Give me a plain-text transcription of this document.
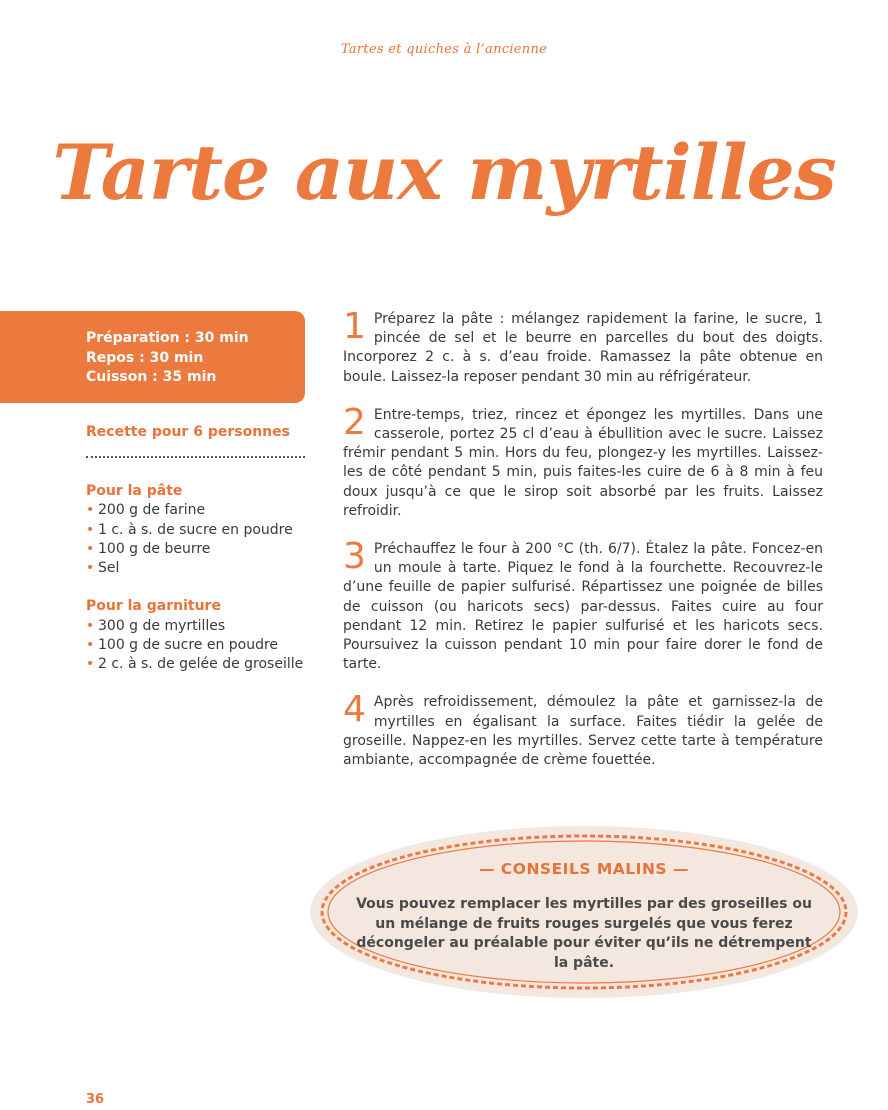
Tartes et quiches à l’ancienne
Tarte aux myrtilles
Préparation : 30 min
Repos : 30 min
Cuisson : 35 min
Recette pour 6 personnes
Pour la pâte
• 200 g de farine
• 1 c. à s. de sucre en poudre
• 100 g de beurre
• Sel
Pour la garniture
• 300 g de myrtilles
• 100 g de sucre en poudre
• 2 c. à s. de gelée de groseille
1 Préparez la pâte : mélangez rapidement la farine, le sucre, 1 pincée de sel et le beurre en parcelles du bout des doigts. Incorporez 2 c. à s. d’eau froide. Ramassez la pâte obtenue en boule. Laissez-la reposer pendant 30 min au réfrigérateur.
2 Entre-temps, triez, rincez et épongez les myrtilles. Dans une casserole, portez 25 cl d’eau à ébullition avec le sucre. Laissez frémir pendant 5 min. Hors du feu, plongez-y les myrtilles. Laissez-les de côté pendant 5 min, puis faites-les cuire de 6 à 8 min à feu doux jusqu’à ce que le sirop soit absorbé par les fruits. Laissez refroidir.
3 Préchauffez le four à 200 °C (th. 6/7). Étalez la pâte. Foncez-en un moule à tarte. Piquez le fond à la fourchette. Recouvrez-le d’une feuille de papier sulfurisé. Répartissez une poignée de billes de cuisson (ou haricots secs) par-dessus. Faites cuire au four pendant 12 min. Retirez le papier sulfurisé et les haricots secs. Poursuivez la cuisson pendant 10 min pour faire dorer le fond de tarte.
4 Après refroidissement, démoulez la pâte et garnissez-la de myrtilles en égalisant la surface. Faites tiédir la gelée de groseille. Nappez-en les myrtilles. Servez cette tarte à température ambiante, accompagnée de crème fouettée.
— CONSEILS MALINS —
Vous pouvez remplacer les myrtilles par des groseilles ou un mélange de fruits rouges surgelés que vous ferez décongeler au préalable pour éviter qu’ils ne détrempent la pâte.
36
